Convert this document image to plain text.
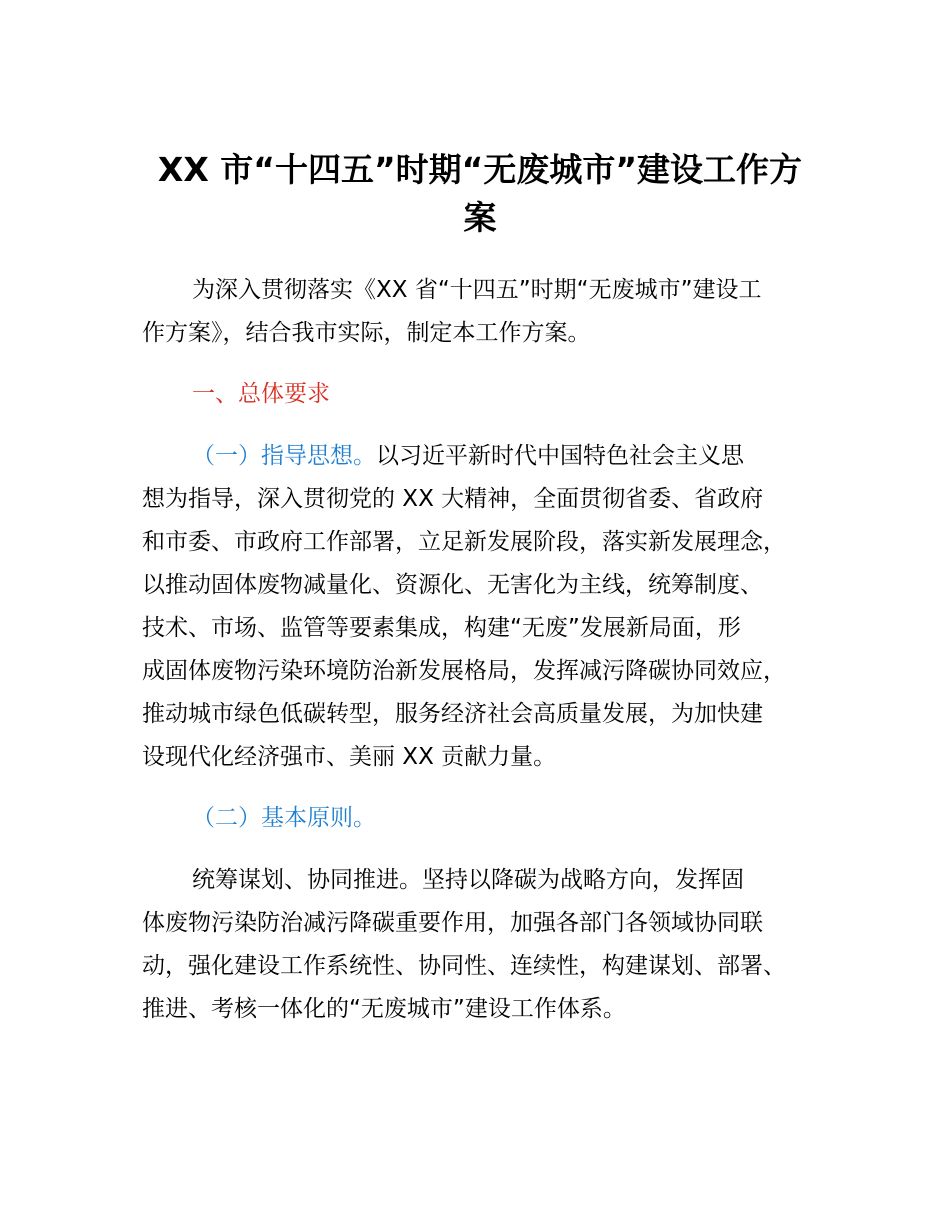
XX 市“十四五”时期“无废城市”建设工作方
案
为深入贯彻落实《XX 省“十四五”时期“无废城市”建设工
作方案》，结合我市实际，制定本工作方案。
一、总体要求
（一）指导思想。以习近平新时代中国特色社会主义思
想为指导，深入贯彻党的 XX 大精神，全面贯彻省委、省政府
和市委、市政府工作部署，立足新发展阶段，落实新发展理念，
以推动固体废物减量化、资源化、无害化为主线，统筹制度、
技术、市场、监管等要素集成，构建“无废”发展新局面，形
成固体废物污染环境防治新发展格局，发挥减污降碳协同效应，
推动城市绿色低碳转型，服务经济社会高质量发展，为加快建
设现代化经济强市、美丽 XX 贡献力量。
（二）基本原则。
统筹谋划、协同推进。坚持以降碳为战略方向，发挥固
体废物污染防治减污降碳重要作用，加强各部门各领域协同联
动，强化建设工作系统性、协同性、连续性，构建谋划、部署、
推进、考核一体化的“无废城市”建设工作体系。
